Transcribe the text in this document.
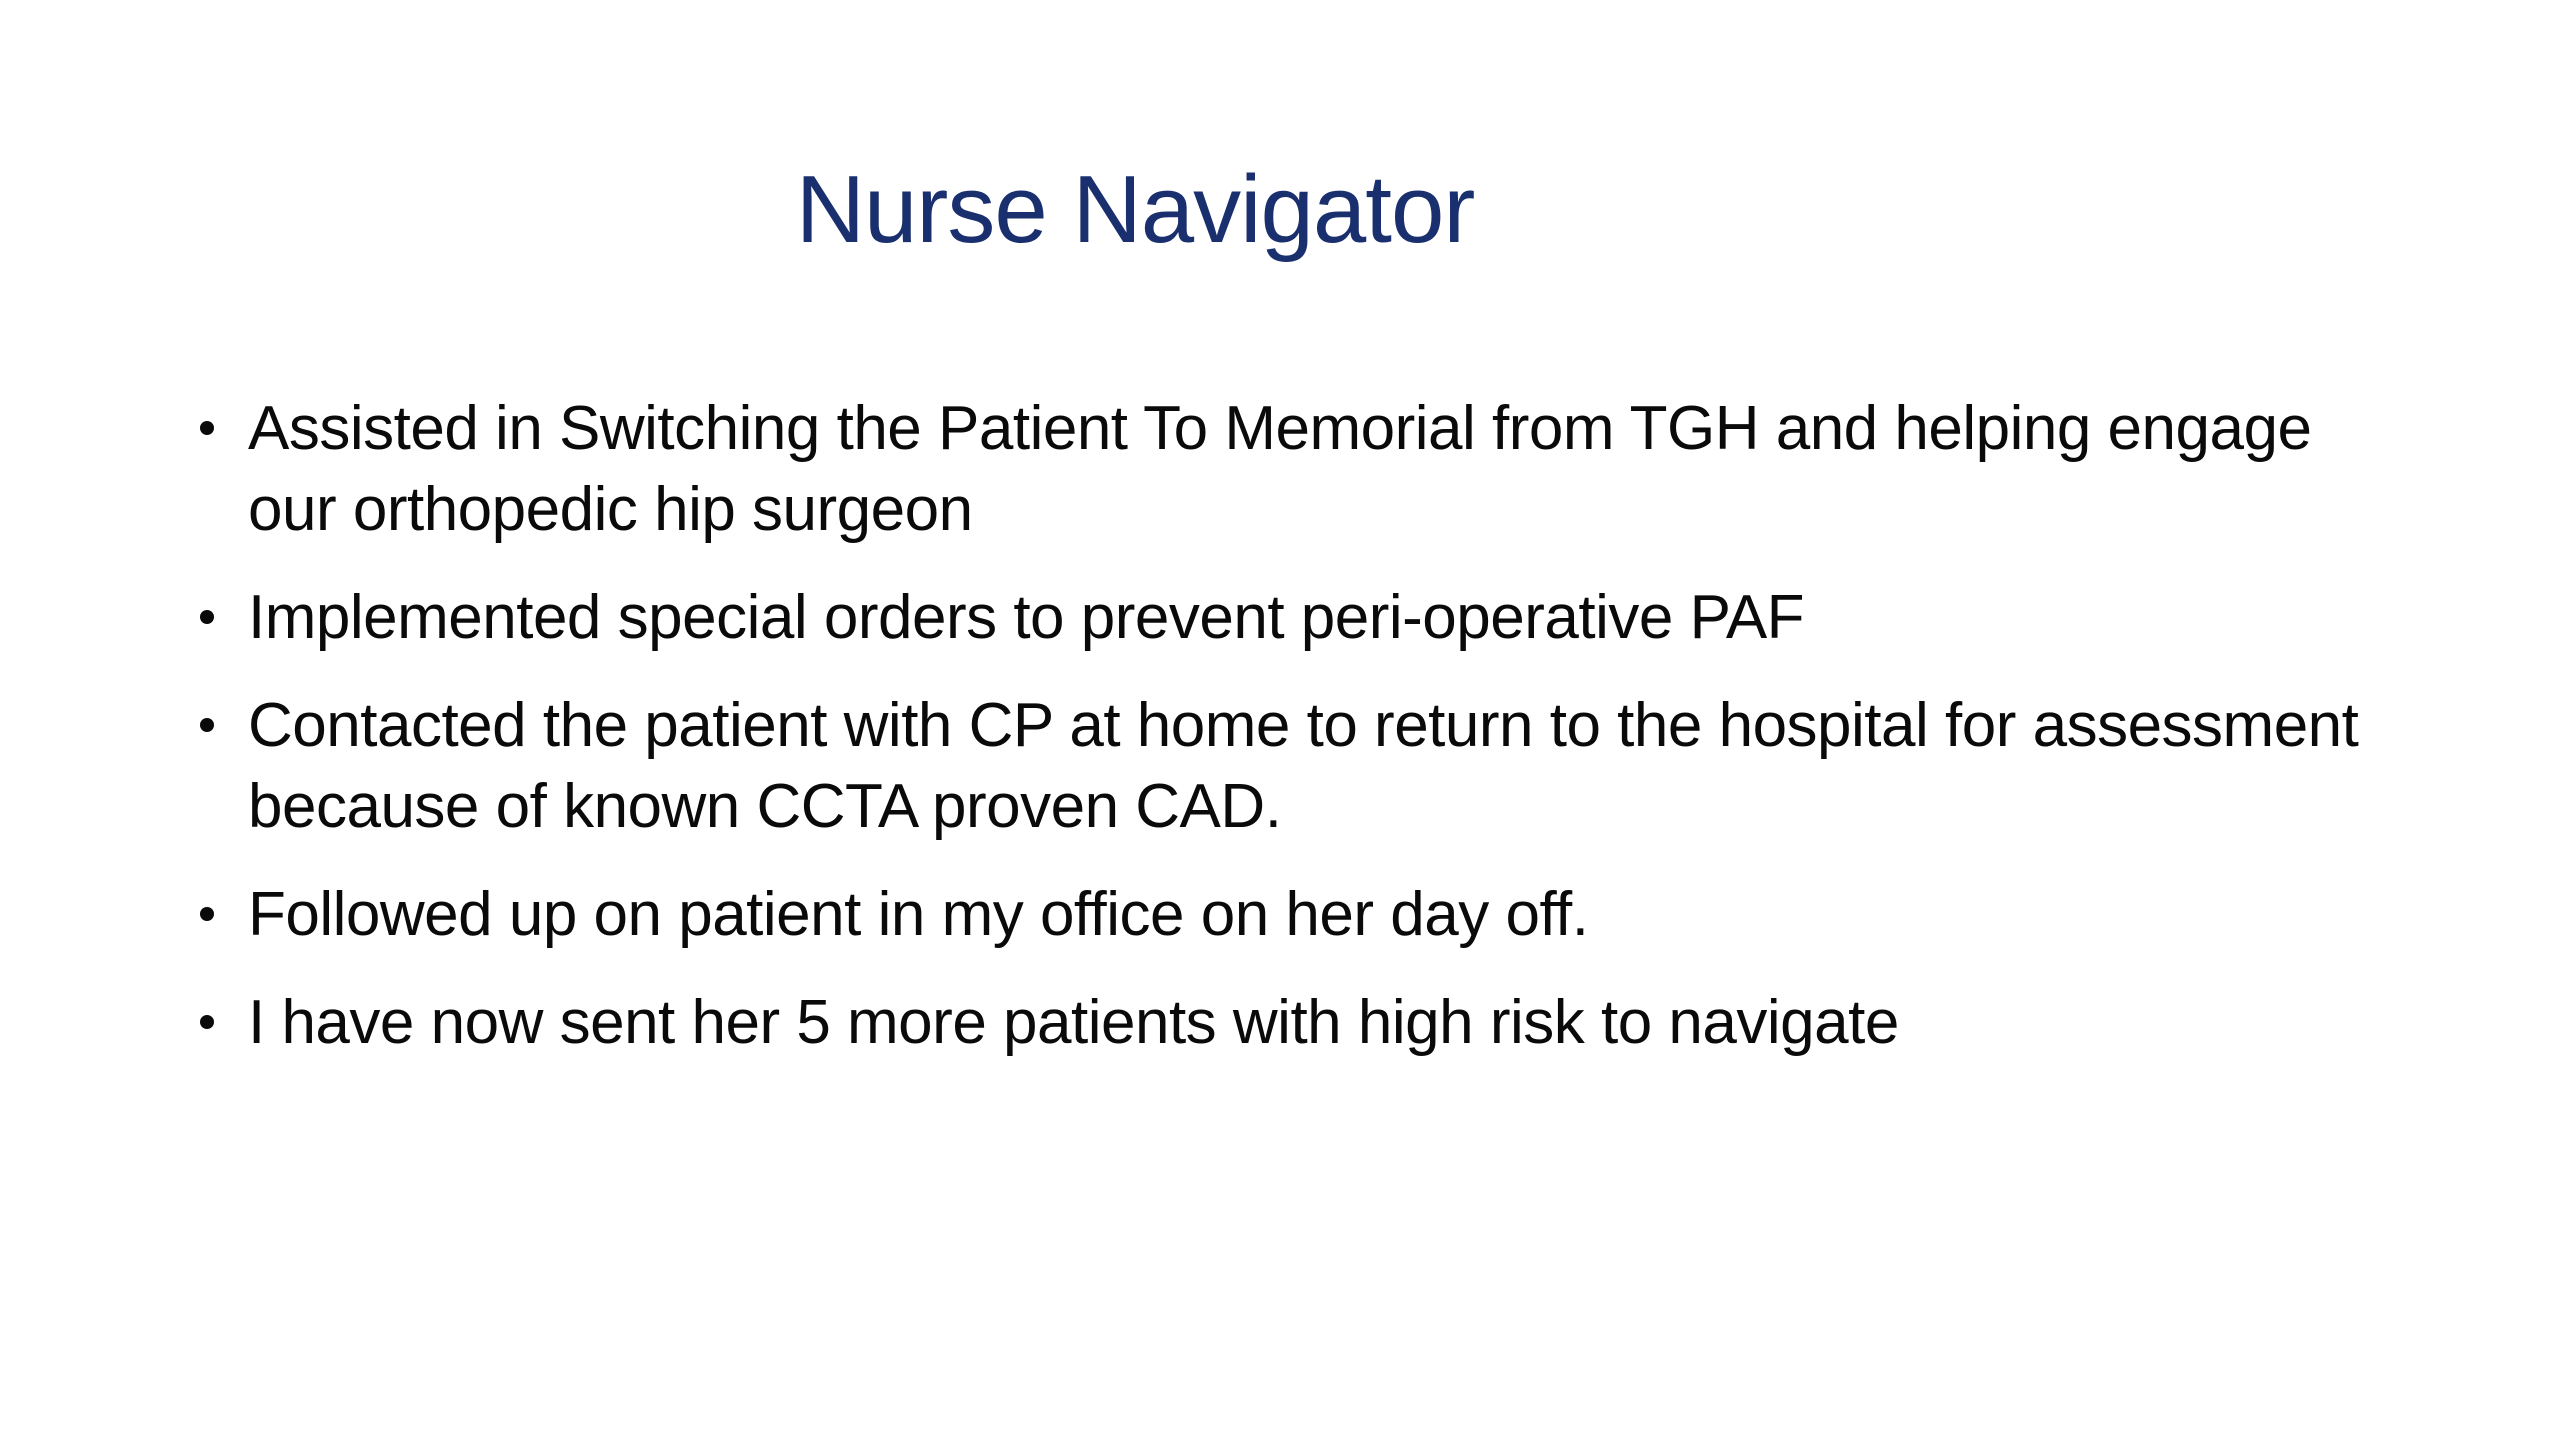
Nurse Navigator
Assisted in Switching the Patient To Memorial from TGH and helping engage our orthopedic hip surgeon
Implemented special orders to prevent peri-operative PAF
Contacted the patient with CP at home to return to the hospital for assessment because of known CCTA proven CAD.
Followed up on patient in my office on her day off.
I have now sent her 5 more patients with high risk to navigate
